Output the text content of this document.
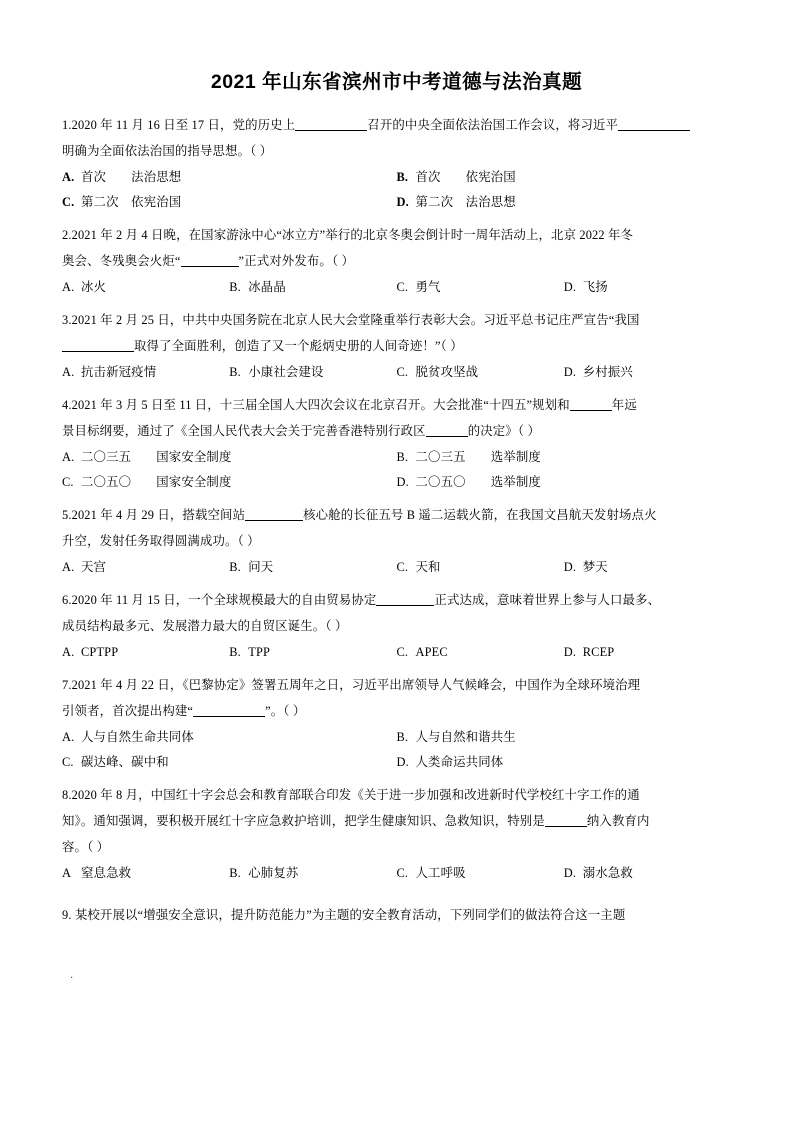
2021 年山东省滨州市中考道德与法治真题
1.2020 年 11 月 16 日至 17 日，党的历史上	召开的中央全面依法治国工作会议，将习近平
明确为全面依法治国的指导思想。（ ）
A. 首次　　法治思想	B. 首次　　依宪治国
C. 第二次　依宪治国	D. 第二次　法治思想
2.2021 年 2 月 4 日晚，在国家游泳中心“冰立方”举行的北京冬奥会倒计时一周年活动上，北京 2022 年冬
奥会、冬残奥会火炬“	”正式对外发布。（ ）
A. 冰火	B. 冰晶晶	C. 勇气	D. 飞扬
3.2021 年 2 月 25 日，中共中央国务院在北京人民大会堂隆重举行表彰大会。习近平总书记庄严宣告“我国
取得了全面胜利，创造了又一个彪炳史册的人间奇迹！”（ ）
A. 抗击新冠疫情	B. 小康社会建设	C. 脱贫攻坚战	D. 乡村振兴
4.2021 年 3 月 5 日至 11 日，十三届全国人大四次会议在北京召开。大会批准“十四五”规划和	年远
景目标纲要，通过了《全国人民代表大会关于完善香港特别行政区	的决定》（ ）
A. 二〇三五　　国家安全制度	B. 二〇三五　　选举制度
C. 二〇五〇　　国家安全制度	D. 二〇五〇　　选举制度
5.2021 年 4 月 29 日，搭载空间站	核心舱的长征五号 B 遥二运载火箭，在我国文昌航天发射场点火
升空，发射任务取得圆满成功。（ ）
A. 天宫	B. 问天	C. 天和	D. 梦天
6.2020 年 11 月 15 日，一个全球规模最大的自由贸易协定	正式达成，意味着世界上参与人口最多、
成员结构最多元、发展潜力最大的自贸区诞生。（ ）
A. CPTPP	B. TPP	C. APEC	D. RCEP
7.2021 年 4 月 22 日，《巴黎协定》签署五周年之日，习近平出席领导人气候峰会，中国作为全球环境治理
引领者，首次提出构建“	”。（ ）
A. 人与自然生命共同体	B. 人与自然和谐共生
C. 碳达峰、碳中和	D. 人类命运共同体
8.2020 年 8 月，中国红十字会总会和教育部联合印发《关于进一步加强和改进新时代学校红十字工作的通
知》。通知强调，要积极开展红十字应急救护培训，把学生健康知识、急救知识，特别是	纳入教育内
容。（ ）
A 窒息急救	B. 心肺复苏	C. 人工呼吸	D. 溺水急救
·
9. 某校开展以“增强安全意识，提升防范能力”为主题的安全教育活动，下列同学们的做法符合这一主题
